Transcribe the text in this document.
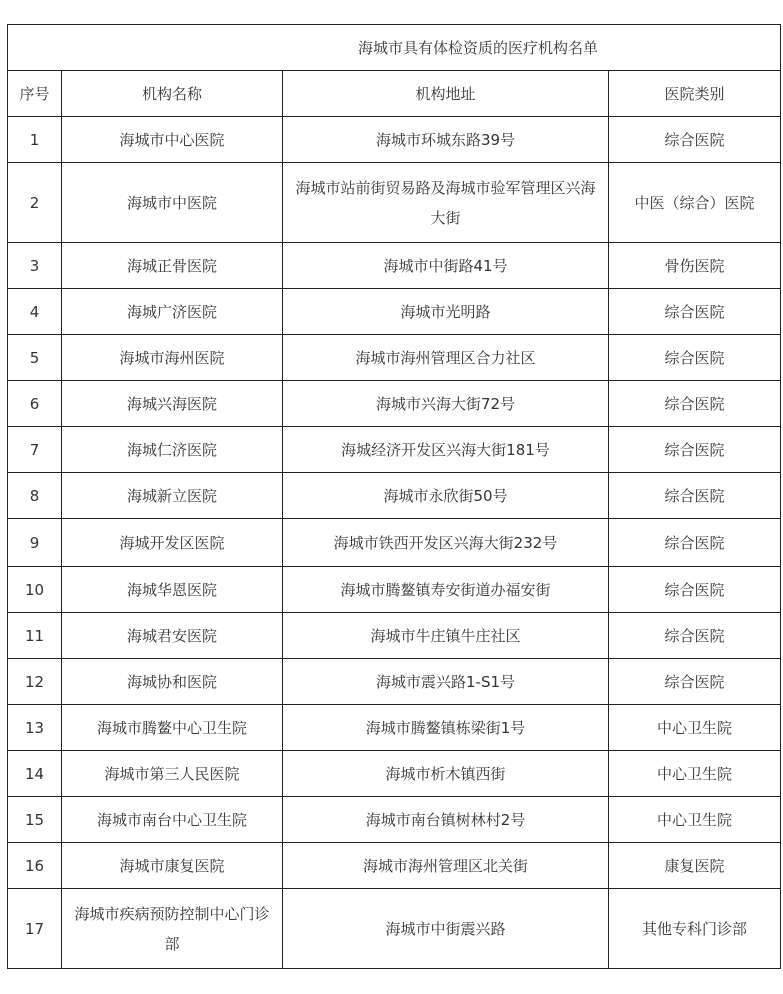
海城市具有体检资质的医疗机构名单			
序号	机构名称	机构地址	医院类别
1	海城市中心医院	海城市环城东路39号	综合医院
2	海城市中医院	海城市站前街贸易路及海城市验军管理区兴海大街	中医（综合）医院
3	海城正骨医院	海城市中街路41号	骨伤医院
4	海城广济医院	海城市光明路	综合医院
5	海城市海州医院	海城市海州管理区合力社区	综合医院
6	海城兴海医院	海城市兴海大街72号	综合医院
7	海城仁济医院	海城经济开发区兴海大街181号	综合医院
8	海城新立医院	海城市永欣街50号	综合医院
9	海城开发区医院	海城市铁西开发区兴海大街232号	综合医院
10	海城华恩医院	海城市腾鳌镇寿安街道办福安街	综合医院
11	海城君安医院	海城市牛庄镇牛庄社区	综合医院
12	海城协和医院	海城市震兴路1-S1号	综合医院
13	海城市腾鳌中心卫生院	海城市腾鳌镇栋梁街1号	中心卫生院
14	海城市第三人民医院	海城市析木镇西街	中心卫生院
15	海城市南台中心卫生院	海城市南台镇树林村2号	中心卫生院
16	海城市康复医院	海城市海州管理区北关街	康复医院
17	海城市疾病预防控制中心门诊部	海城市中街震兴路	其他专科门诊部
